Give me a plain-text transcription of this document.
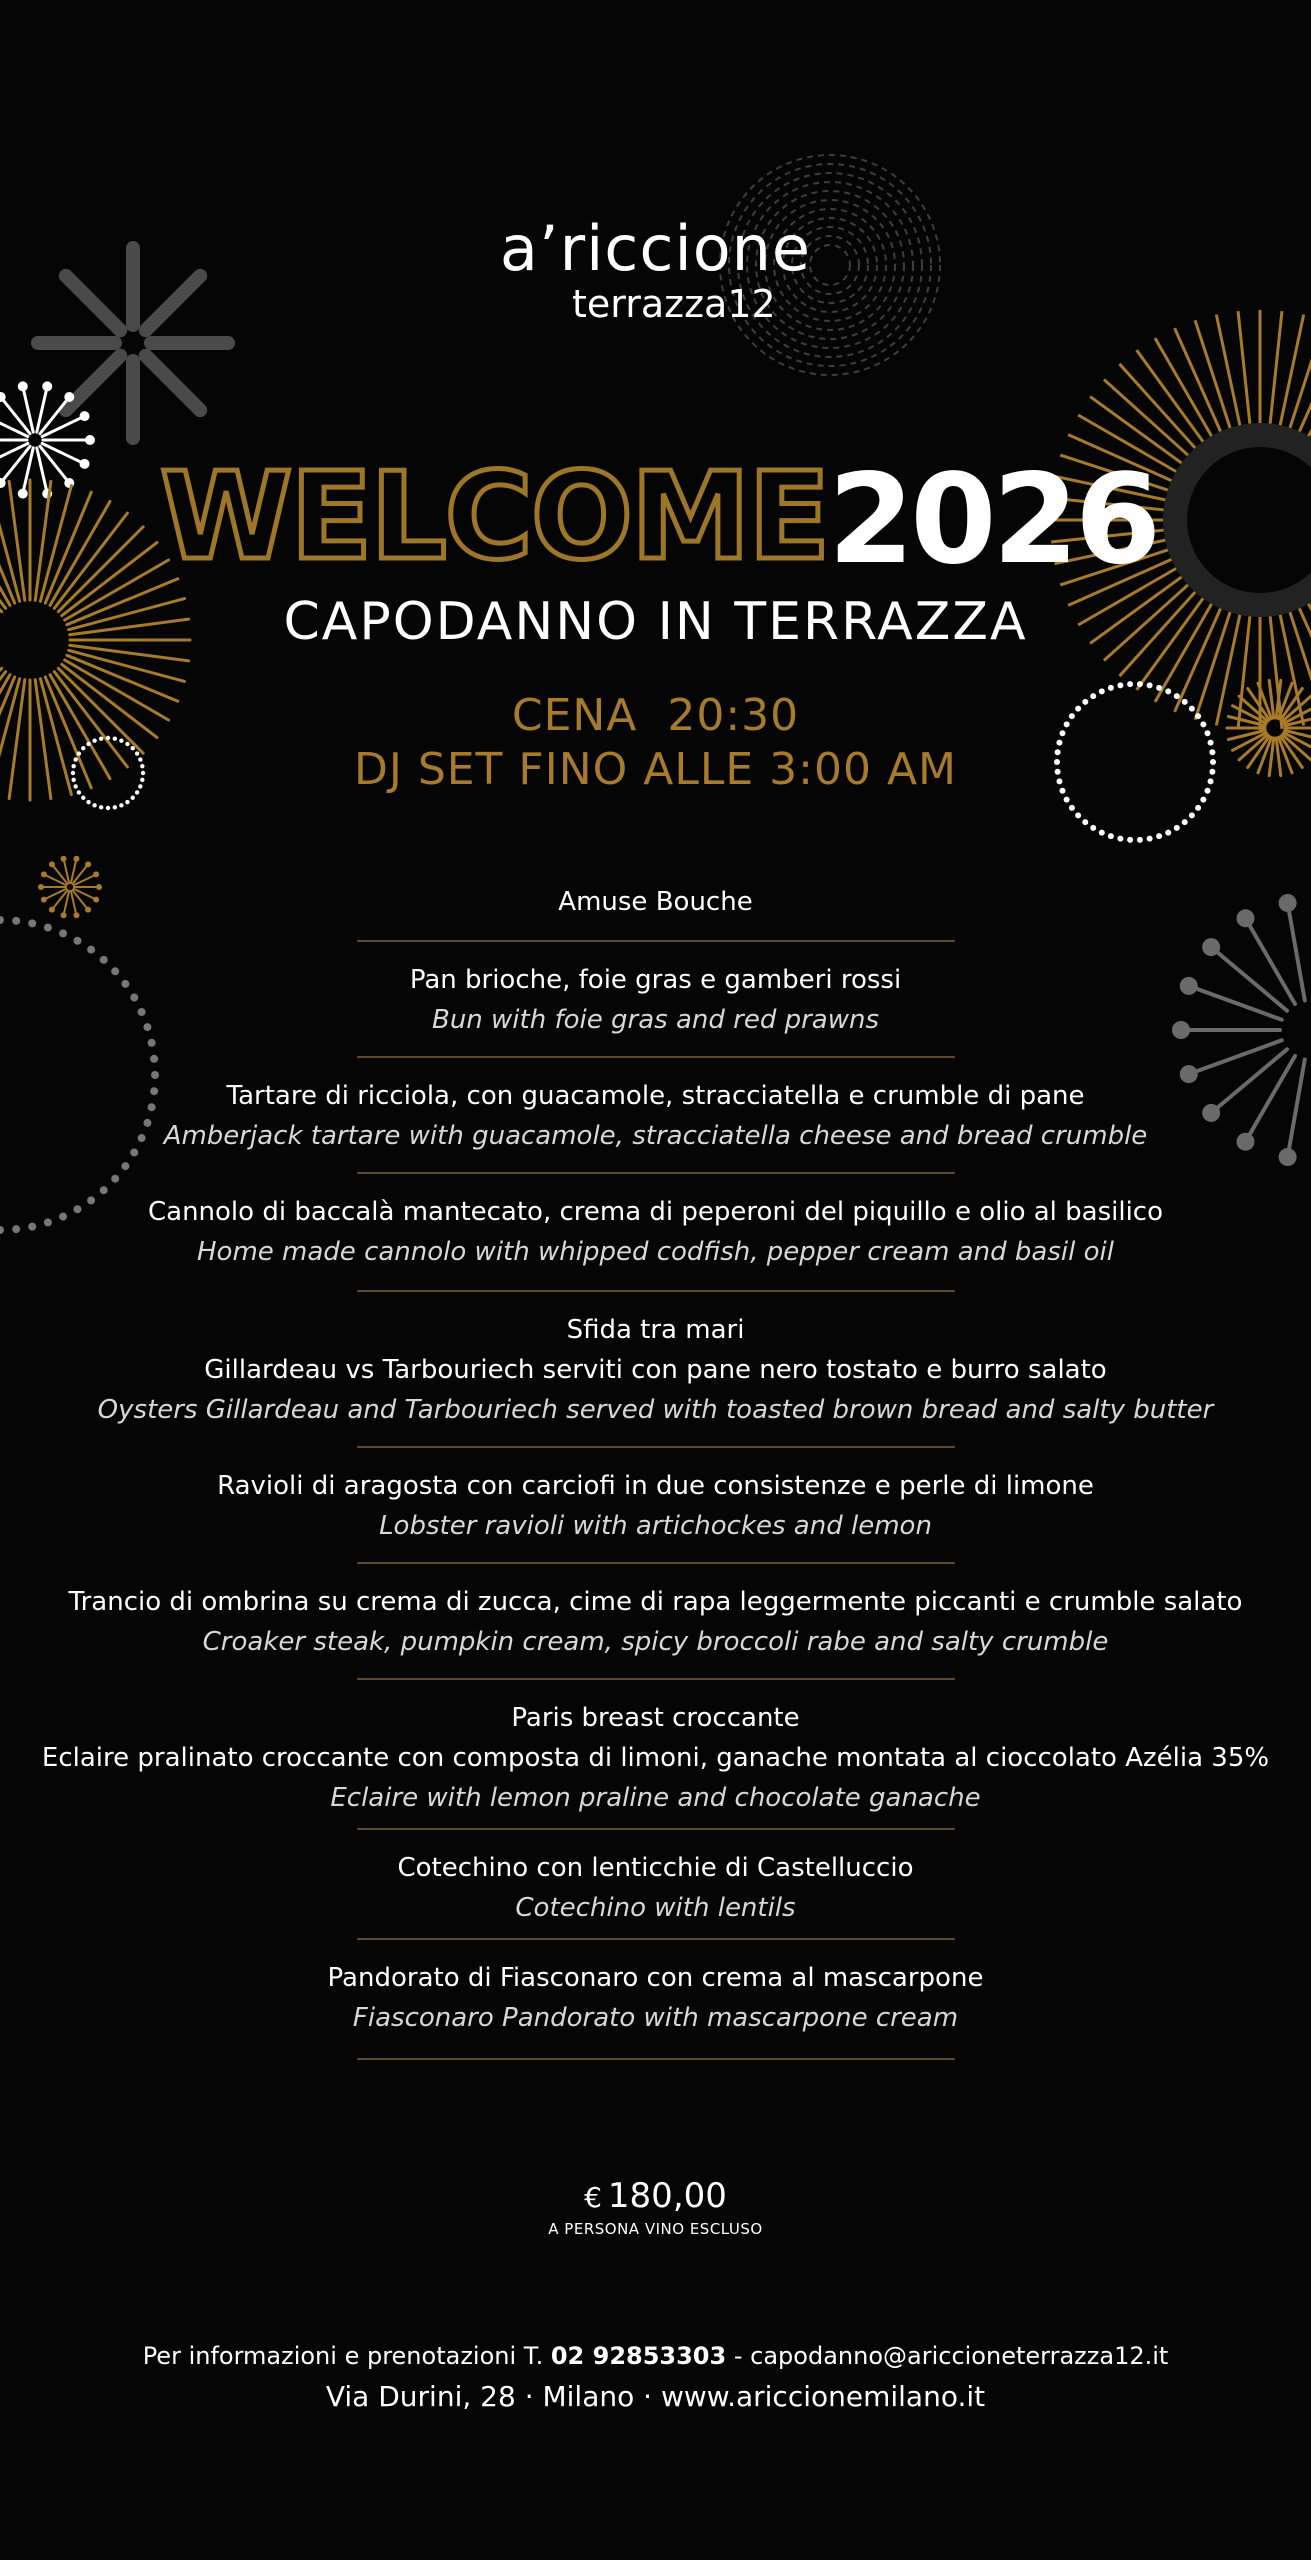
a’riccione
terrazza12
WELCOME 2026
CAPODANNO IN TERRAZZA
CENA  20:30
DJ SET FINO ALLE 3:00 AM
Amuse Bouche
Pan brioche, foie gras e gamberi rossi
Bun with foie gras and red prawns
Tartare di ricciola, con guacamole, stracciatella e crumble di pane
Amberjack tartare with guacamole, stracciatella cheese and bread crumble
Cannolo di baccalà mantecato, crema di peperoni del piquillo e olio al basilico
Home made cannolo with whipped codfish, pepper cream and basil oil
Sfida tra mari
Gillardeau vs Tarbouriech serviti con pane nero tostato e burro salato
Oysters Gillardeau and Tarbouriech served with toasted brown bread and salty butter
Ravioli di aragosta con carciofi in due consistenze e perle di limone
Lobster ravioli with artichockes and lemon
Trancio di ombrina su crema di zucca, cime di rapa leggermente piccanti e crumble salato
Croaker steak, pumpkin cream, spicy broccoli rabe and salty crumble
Paris breast croccante
Eclaire pralinato croccante con composta di limoni, ganache montata al cioccolato Azélia 35%
Eclaire with lemon praline and chocolate ganache
Cotechino con lenticchie di Castelluccio
Cotechino with lentils
Pandorato di Fiasconaro con crema al mascarpone
Fiasconaro Pandorato with mascarpone cream
€ 180,00
A PERSONA VINO ESCLUSO
Per informazioni e prenotazioni T. 02 92853303 - capodanno@ariccioneterrazza12.it
Via Durini, 28 · Milano · www.ariccionemilano.it
